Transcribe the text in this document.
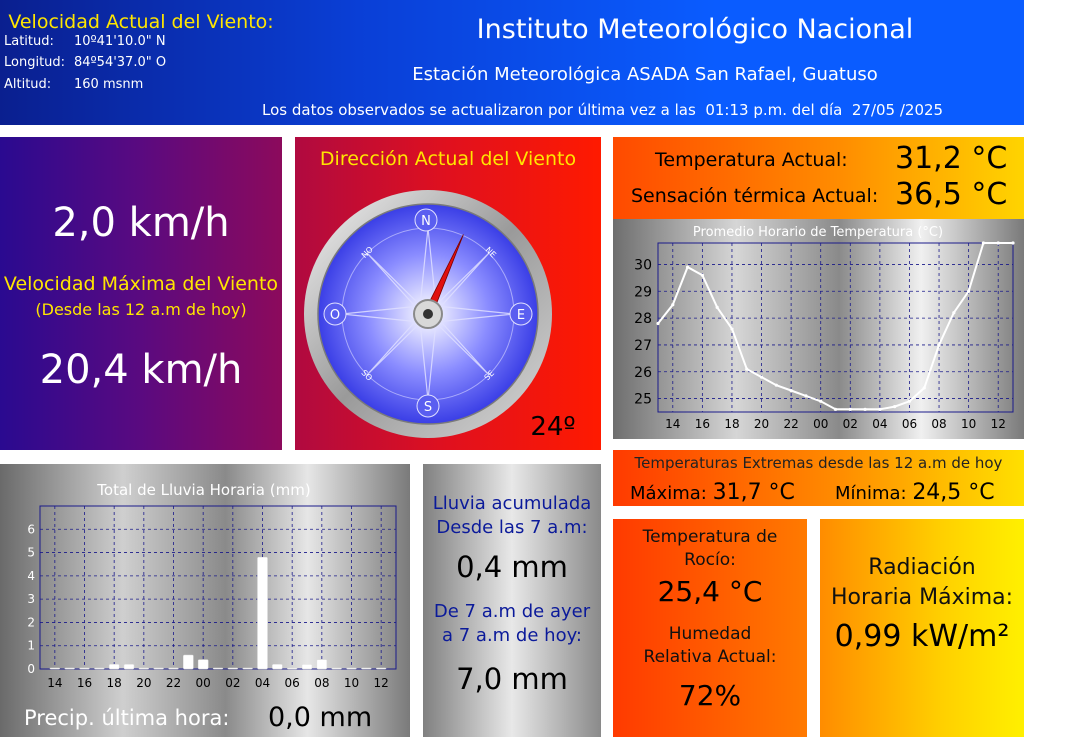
Latitud: 10º41'10.0" N
Longitud: 84º54'37.0" O
Altitud: 160 msnm
Instituto Meteorológico Nacional
Estación Meteorológica ASADA San Rafael, Guatuso
Los datos observados se actualizaron por última vez a las  01:13 p.m. del día  27/05 /2025
Velocidad Actual del Viento:
2,0 km/h
Velocidad Máxima del Viento
(Desde las 12 a.m de hoy)
20,4 km/h
Dirección Actual del Viento
N
E
S
O
NE
NO
SO	SE
24º
Temperatura Actual: 31,2 °C
Sensación térmica Actual: 36,5 °C
Promedio Horario de Temperatura (°C)
14 16 18 20 22 00 02 04 06 08 10 12
25
26
27
28
29
30
Temperaturas Extremas desde las 12 a.m de hoy
Máxima: 31,7 °C Mínima: 24,5 °C
Temperatura de Rocío:
25,4 °C
Humedad Relativa Actual:
72%
Radiación Horaria Máxima:
0,99 kW/m²
Total de Lluvia Horaria (mm)
0
1
2
3
4
5
6
14 16 18 20 22 00 02 04 06 08 10 12
Precip. última hora: 0,0 mm
Lluvia acumulada Desde las 7 a.m:
0,4 mm
De 7 a.m de ayer a 7 a.m de hoy:
7,0 mm
